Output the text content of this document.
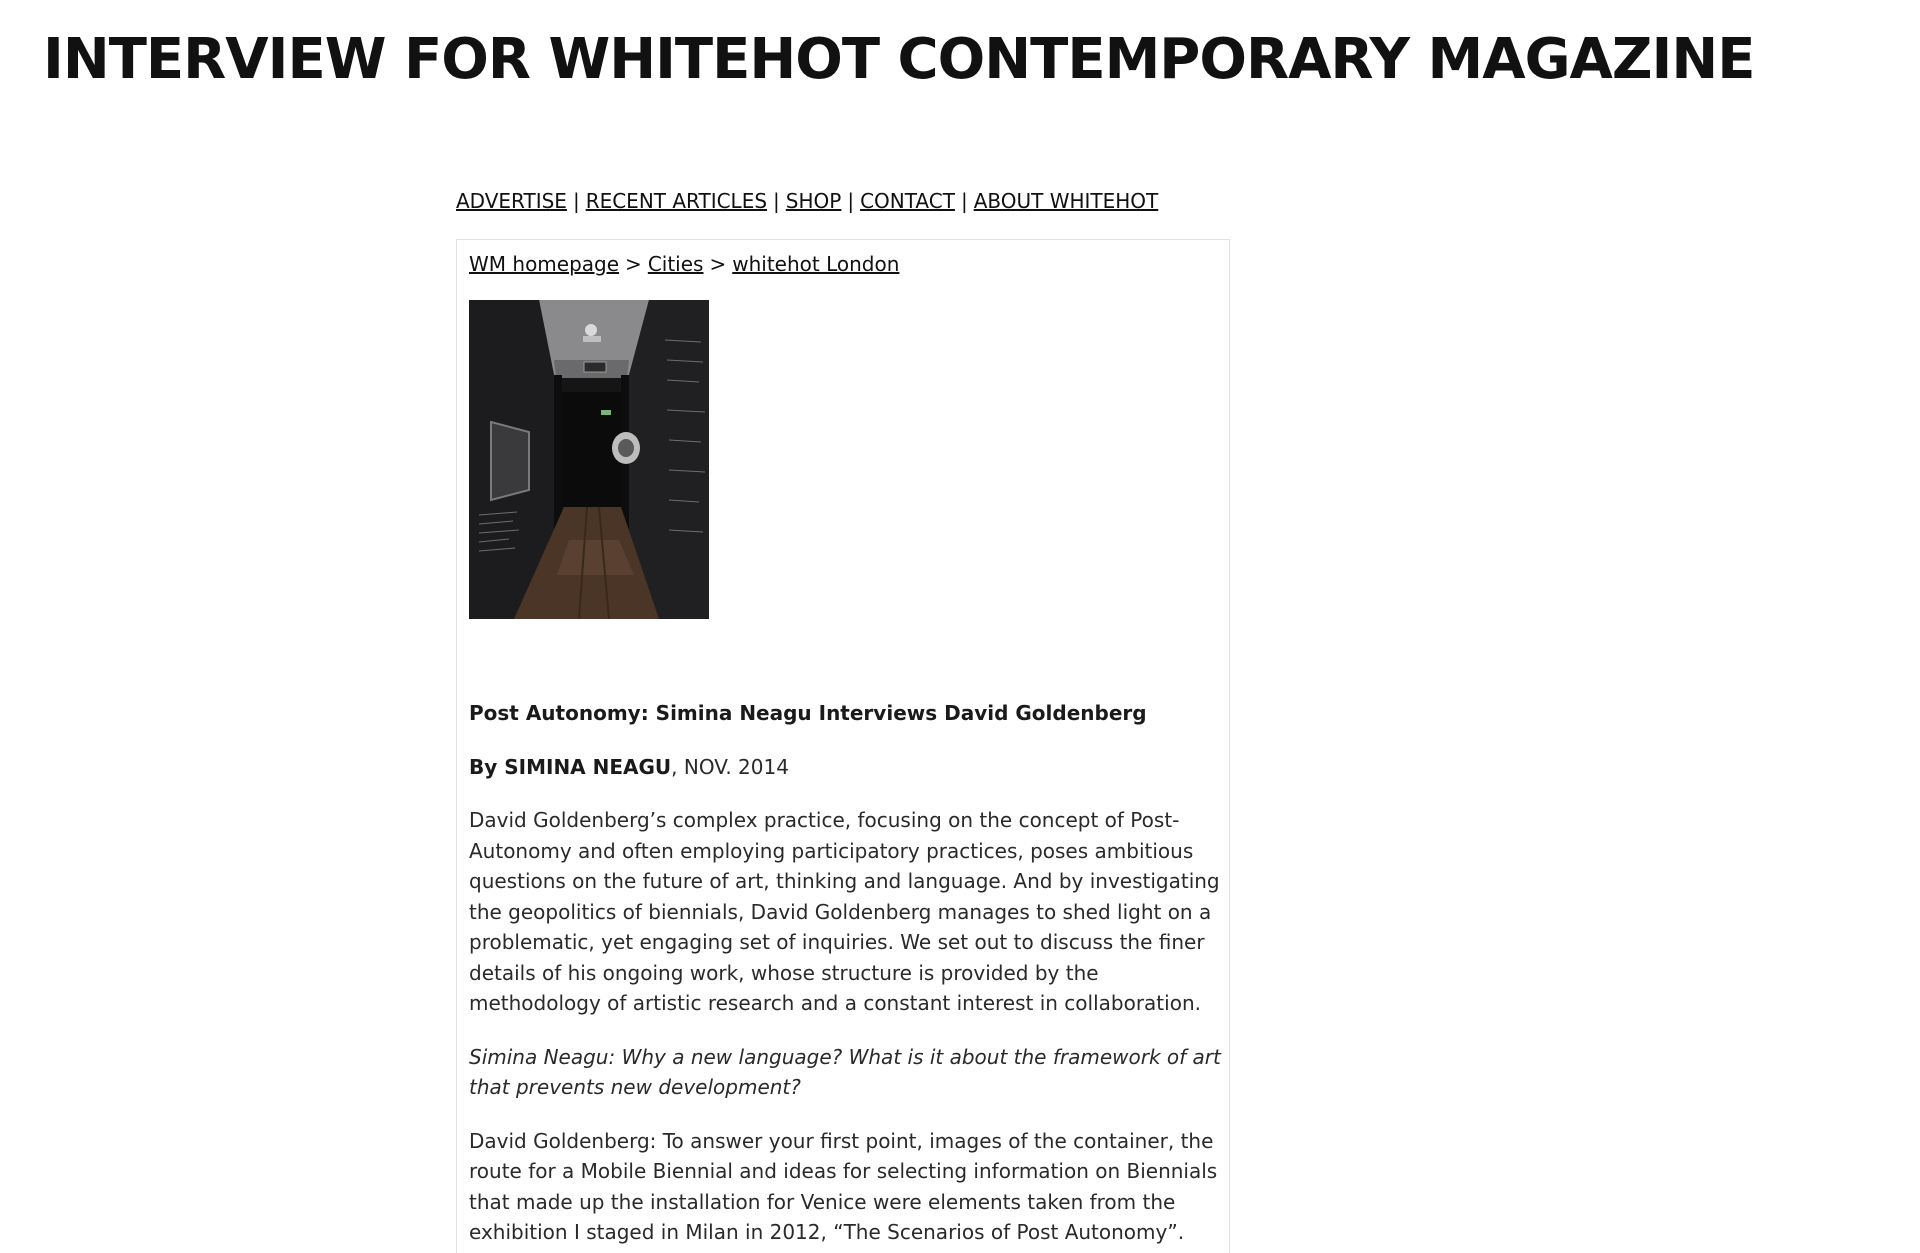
INTERVIEW FOR WHITEHOT CONTEMPORARY MAGAZINE
ADVERTISE | RECENT ARTICLES | SHOP | CONTACT | ABOUT WHITEHOT
WM homepage > Cities > whitehot London

Post Autonomy: Simina Neagu Interviews David Goldenberg

By SIMINA NEAGU, NOV. 2014

David Goldenberg’s complex practice, focusing on the concept of Post-Autonomy and often employing participatory practices, poses ambitious questions on the future of art, thinking and language. And by investigating the geopolitics of biennials, David Goldenberg manages to shed light on a problematic, yet engaging set of inquiries. We set out to discuss the finer details of his ongoing work, whose structure is provided by the methodology of artistic research and a constant interest in collaboration.

Simina Neagu: Why a new language? What is it about the framework of art that prevents new development?

David Goldenberg: To answer your first point, images of the container, the route for a Mobile Biennial and ideas for selecting information on Biennials that made up the installation for Venice were elements taken from the exhibition I staged in Milan in 2012, “The Scenarios of Post Autonomy”.
